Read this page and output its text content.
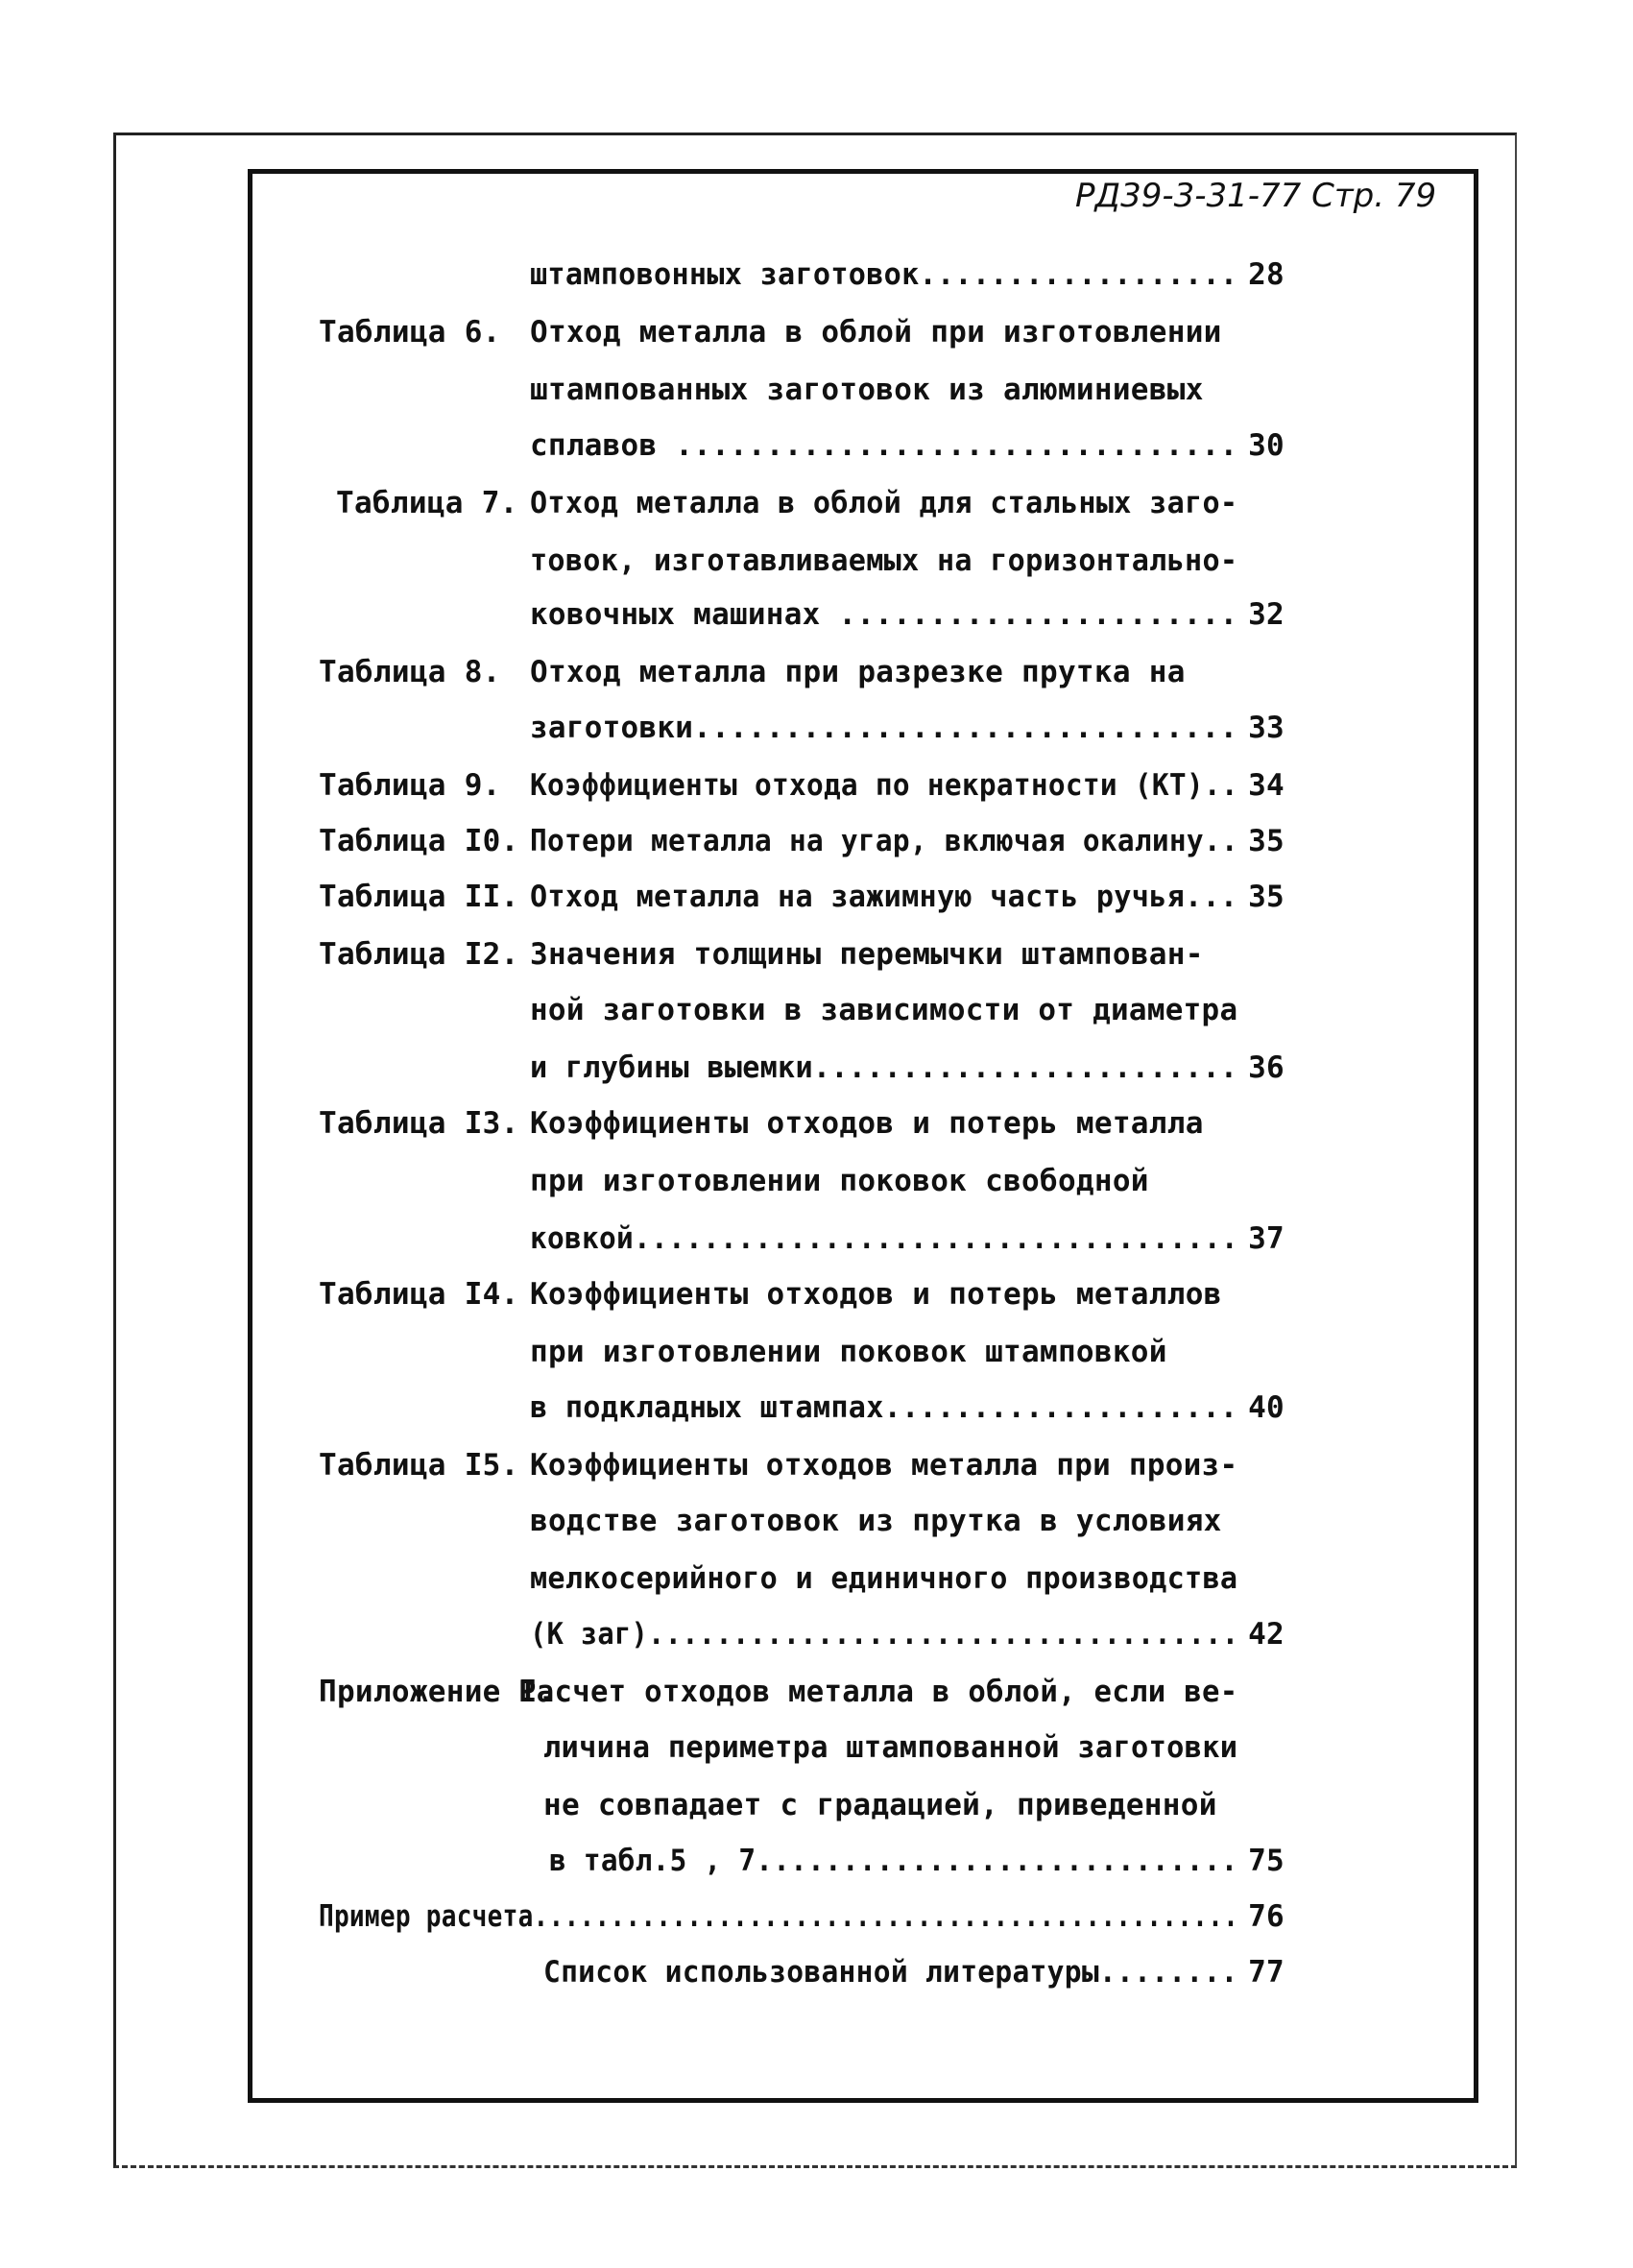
РД39-3-31-77 Стр. 79
штамповонных заготовок.................. 28
Таблица 6. Отход металла в облой при изготовлении
штампованных заготовок из алюминиевых
сплавов ............................... 30
Таблица 7. Отход металла в облой для стальных заго-
товок, изготавливаемых на горизонтально-
ковочных машинах ...................... 32
Таблица 8. Отход металла при разрезке прутка на
заготовки.............................. 33
Таблица 9. Коэффициенты отхода по некратности (КТ).. 34
Таблица I0. Потери металла на угар, включая окалину.. 35
Таблица II. Отход металла на зажимную часть ручья... 35
Таблица I2. Значения толщины перемычки штампован-
ной заготовки в зависимости от диаметра
и глубины выемки........................ 36
Таблица I3. Коэффициенты отходов и потерь металла
при изготовлении поковок свободной
ковкой................................... 37
Таблица I4. Коэффициенты отходов и потерь металлов
при изготовлении поковок штамповкой
в подкладных штампах.................... 40
Таблица I5. Коэффициенты отходов металла при произ-
водстве заготовок из прутка в условиях
мелкосерийного и единичного производства
(К заг)................................... 42
Приложение I.
Расчет отходов металла в облой, если ве-
личина периметра штампованной заготовки
не совпадает с градацией, приведенной
в табл.5 , 7............................ 75
Пример расчета.............................................. 76
Список использованной литературы........ 77
